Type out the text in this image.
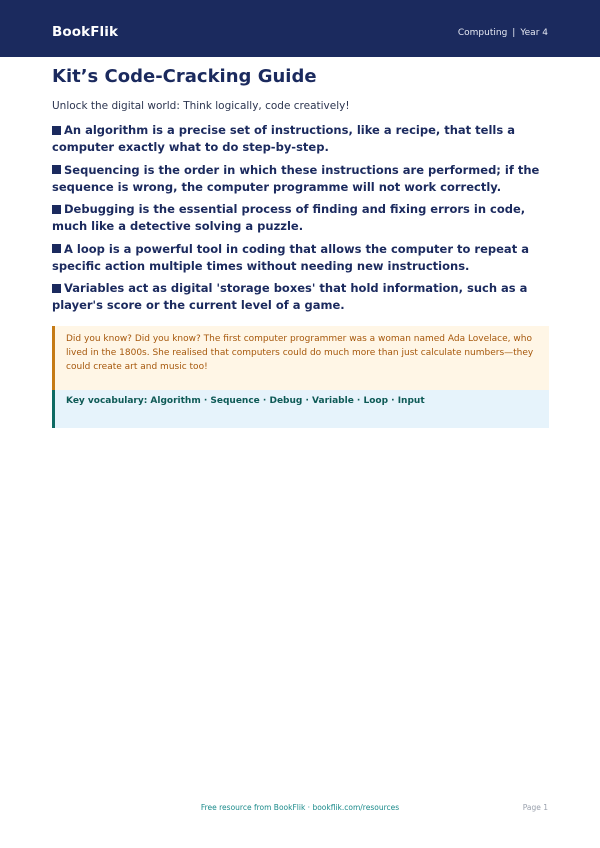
BookFlik	Computing | Year 4
Kit’s Code-Cracking Guide
Unlock the digital world: Think logically, code creatively!
An algorithm is a precise set of instructions, like a recipe, that tells a computer exactly what to do step-by-step.
Sequencing is the order in which these instructions are performed; if the sequence is wrong, the computer programme will not work correctly.
Debugging is the essential process of finding and fixing errors in code, much like a detective solving a puzzle.
A loop is a powerful tool in coding that allows the computer to repeat a specific action multiple times without needing new instructions.
Variables act as digital 'storage boxes' that hold information, such as a player's score or the current level of a game.
Did you know? Did you know? The first computer programmer was a woman named Ada Lovelace, who lived in the 1800s. She realised that computers could do much more than just calculate numbers—they could create art and music too!
Key vocabulary: Algorithm · Sequence · Debug · Variable · Loop · Input
Free resource from BookFlik · bookflik.com/resources	Page 1
